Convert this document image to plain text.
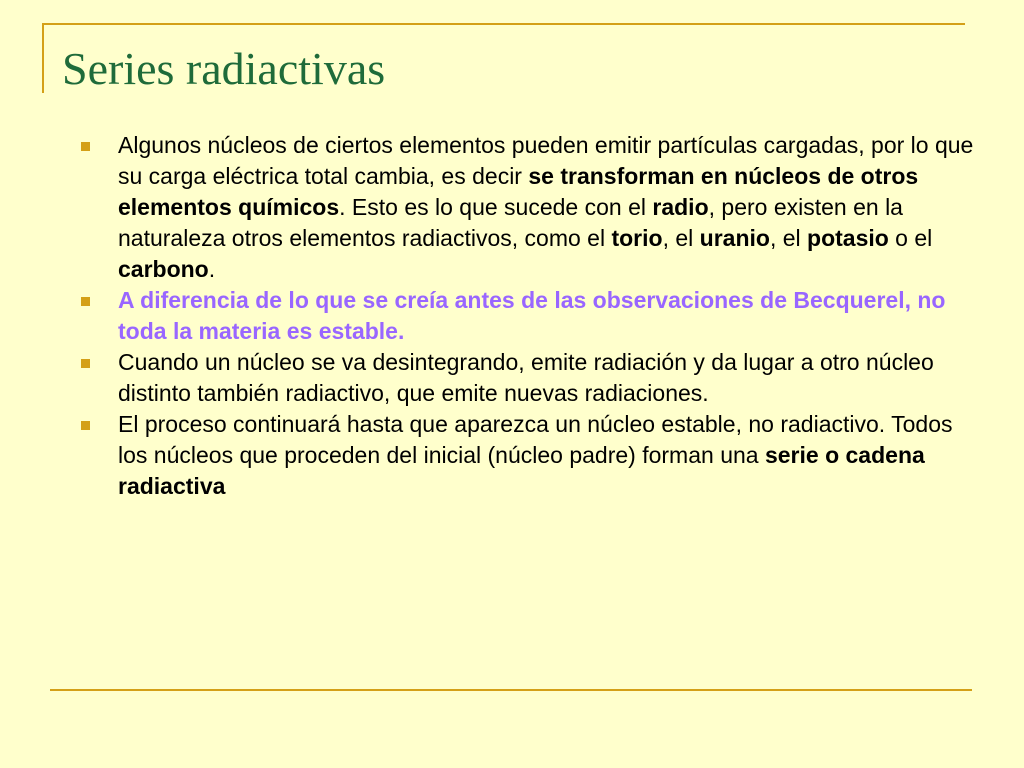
Series radiactivas
Algunos núcleos de ciertos elementos pueden emitir partículas cargadas, por lo que su carga eléctrica total cambia, es decir se transforman en núcleos de otros elementos químicos. Esto es lo que sucede con el radio, pero existen en la naturaleza otros elementos radiactivos, como el torio, el uranio, el potasio o el carbono.
A diferencia de lo que se creía antes de las observaciones de Becquerel, no toda la materia es estable.
Cuando un núcleo se va desintegrando, emite radiación y da lugar a otro núcleo distinto también radiactivo, que emite nuevas radiaciones.
El proceso continuará hasta que aparezca un núcleo estable, no radiactivo. Todos los núcleos que proceden del inicial (núcleo padre) forman una serie o cadena radiactiva
